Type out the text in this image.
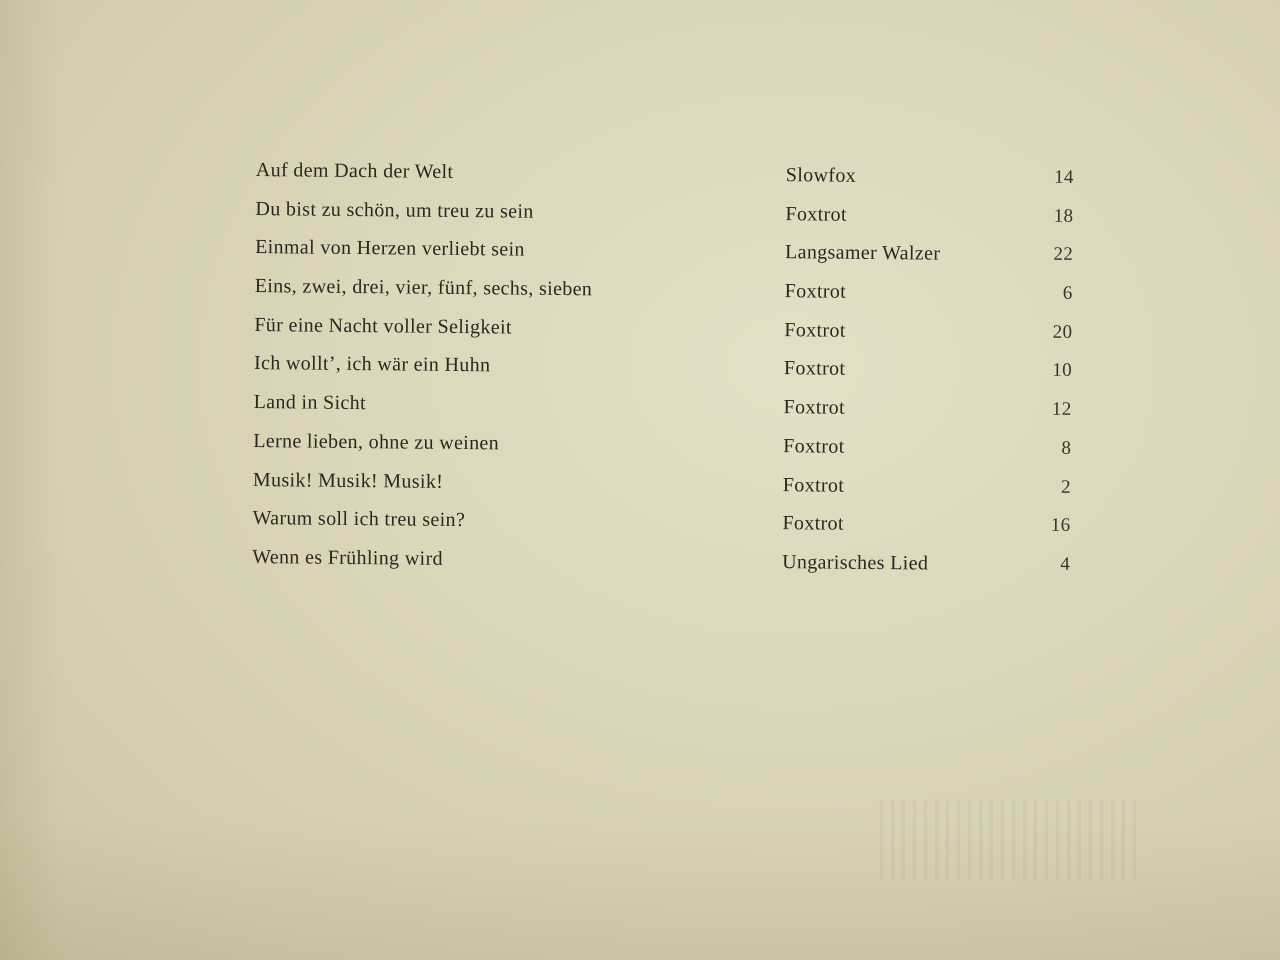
Auf dem Dach der Welt	Slowfox	14
Du bist zu schön, um treu zu sein	Foxtrot	18
Einmal von Herzen verliebt sein	Langsamer Walzer	22
Eins, zwei, drei, vier, fünf, sechs, sieben	Foxtrot	6
Für eine Nacht voller Seligkeit	Foxtrot	20
Ich wollt’, ich wär ein Huhn	Foxtrot	10
Land in Sicht	Foxtrot	12
Lerne lieben, ohne zu weinen	Foxtrot	8
Musik! Musik! Musik!	Foxtrot	2
Warum soll ich treu sein?	Foxtrot	16
Wenn es Frühling wird	Ungarisches Lied	4
